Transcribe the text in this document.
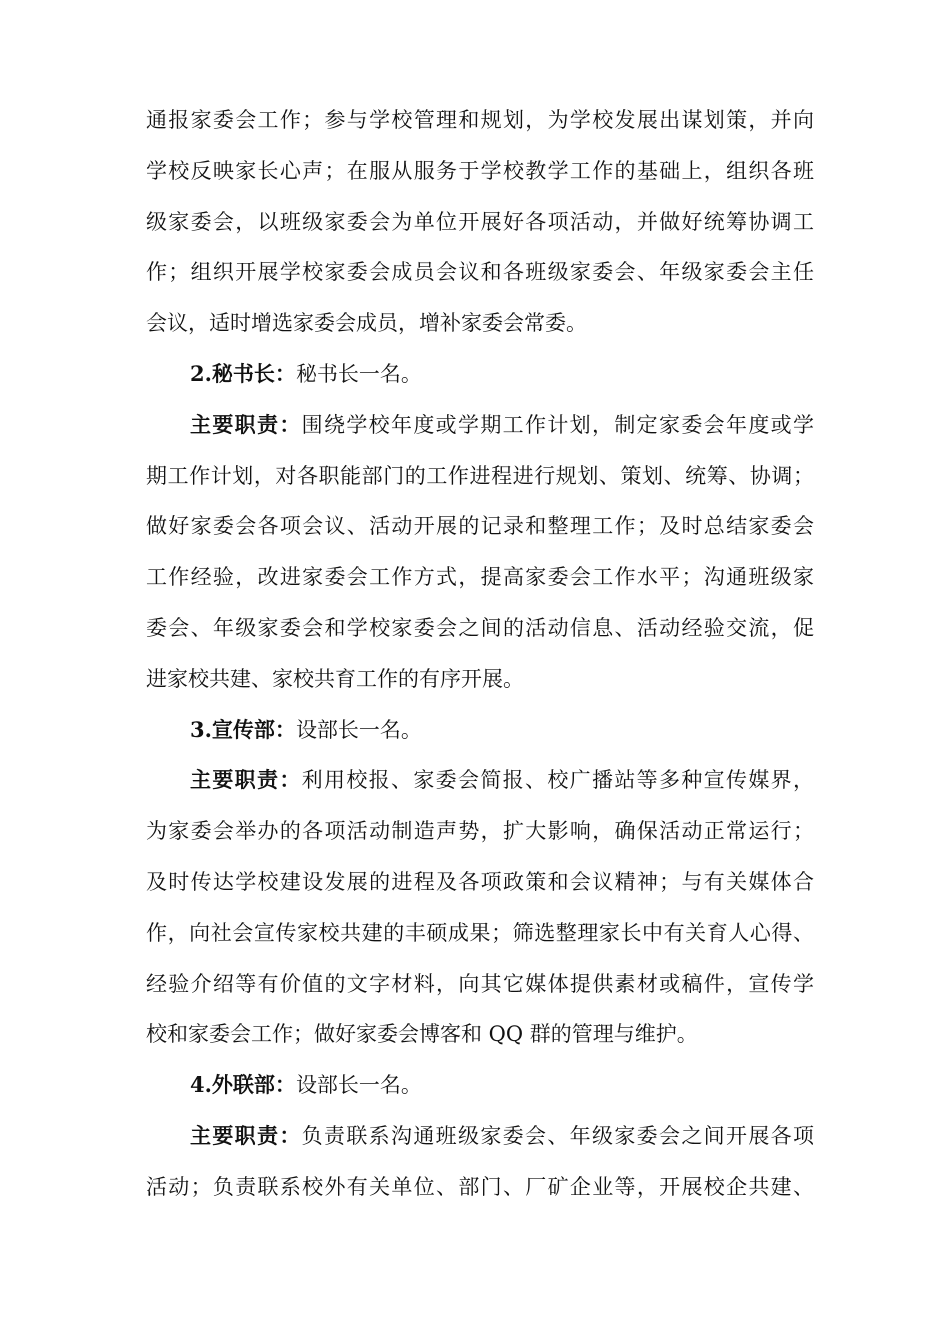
通报家委会工作；参与学校管理和规划，为学校发展出谋划策，并向
学校反映家长心声；在服从服务于学校教学工作的基础上，组织各班
级家委会，以班级家委会为单位开展好各项活动，并做好统筹协调工
作；组织开展学校家委会成员会议和各班级家委会、年级家委会主任
会议，适时增选家委会成员，增补家委会常委。
2.秘书长：秘书长一名。
主要职责：围绕学校年度或学期工作计划，制定家委会年度或学
期工作计划，对各职能部门的工作进程进行规划、策划、统筹、协调；
做好家委会各项会议、活动开展的记录和整理工作；及时总结家委会
工作经验，改进家委会工作方式，提高家委会工作水平；沟通班级家
委会、年级家委会和学校家委会之间的活动信息、活动经验交流，促
进家校共建、家校共育工作的有序开展。
3.宣传部：设部长一名。
主要职责：利用校报、家委会简报、校广播站等多种宣传媒界，
为家委会举办的各项活动制造声势，扩大影响，确保活动正常运行；
及时传达学校建设发展的进程及各项政策和会议精神；与有关媒体合
作，向社会宣传家校共建的丰硕成果；筛选整理家长中有关育人心得、
经验介绍等有价值的文字材料，向其它媒体提供素材或稿件，宣传学
校和家委会工作；做好家委会博客和 QQ 群的管理与维护。
4.外联部：设部长一名。
主要职责：负责联系沟通班级家委会、年级家委会之间开展各项
活动；负责联系校外有关单位、部门、厂矿企业等，开展校企共建、
